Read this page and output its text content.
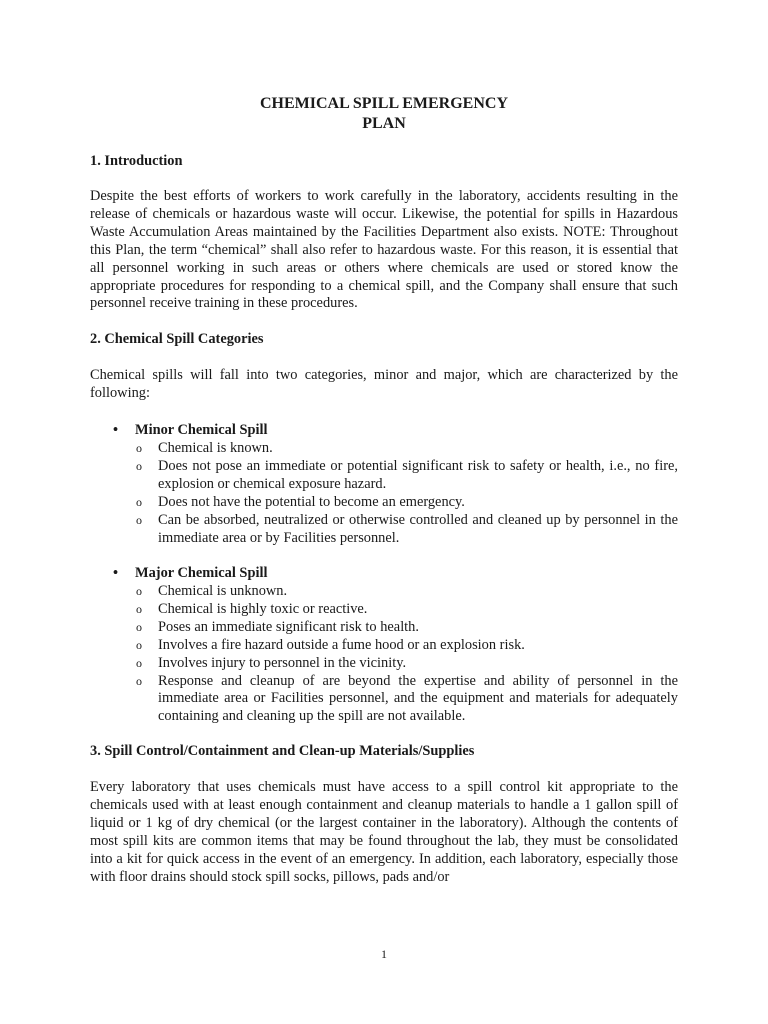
CHEMICAL SPILL EMERGENCY
PLAN
1. Introduction
Despite the best efforts of workers to work carefully in the laboratory, accidents resulting in the release of chemicals or hazardous waste will occur. Likewise, the potential for spills in Hazardous Waste Accumulation Areas maintained by the Facilities Department also exists. NOTE: Throughout this Plan, the term “chemical” shall also refer to hazardous waste. For this reason, it is essential that all personnel working in such areas or others where chemicals are used or stored know the appropriate procedures for responding to a chemical spill, and the Company shall ensure that such personnel receive training in these procedures.
2. Chemical Spill Categories
Chemical spills will fall into two categories, minor and major, which are characterized by the following:
• Minor Chemical Spill
o Chemical is known.
o Does not pose an immediate or potential significant risk to safety or health, i.e., no fire, explosion or chemical exposure hazard.
o Does not have the potential to become an emergency.
o Can be absorbed, neutralized or otherwise controlled and cleaned up by personnel in the immediate area or by Facilities personnel.
• Major Chemical Spill
o Chemical is unknown.
o Chemical is highly toxic or reactive.
o Poses an immediate significant risk to health.
o Involves a fire hazard outside a fume hood or an explosion risk.
o Involves injury to personnel in the vicinity.
o Response and cleanup of are beyond the expertise and ability of personnel in the immediate area or Facilities personnel, and the equipment and materials for adequately containing and cleaning up the spill are not available.
3. Spill Control/Containment and Clean-up Materials/Supplies
Every laboratory that uses chemicals must have access to a spill control kit appropriate to the chemicals used with at least enough containment and cleanup materials to handle a 1 gallon spill of liquid or 1 kg of dry chemical (or the largest container in the laboratory). Although the contents of most spill kits are common items that may be found throughout the lab, they must be consolidated into a kit for quick access in the event of an emergency. In addition, each laboratory, especially those with floor drains should stock spill socks, pillows, pads and/or
1
